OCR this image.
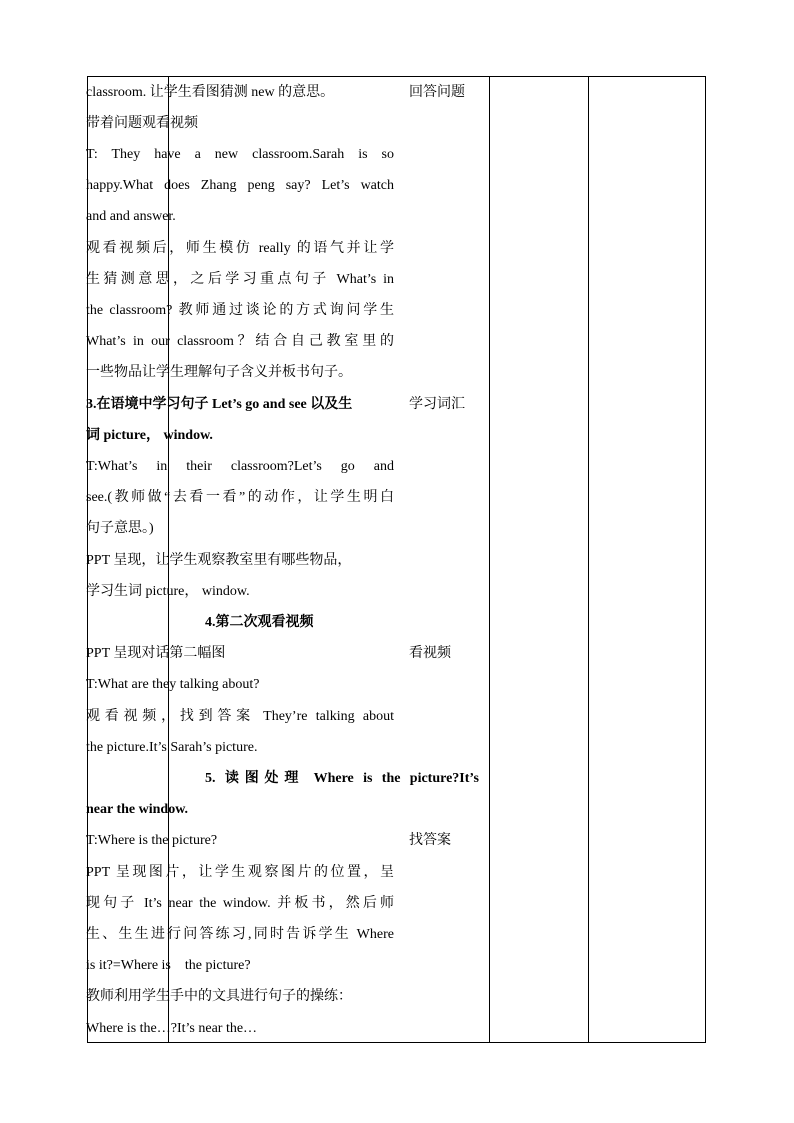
classroom. 让学生看图猜测 new 的意思。
带着问题观看视频
T: They have a new classroom.Sarah is so
happy.What does Zhang peng say? Let’s watch
and and answer.
观看视频后，师生模仿 really 的语气并让学
生猜测意思，之后学习重点句子 What’s in
the classroom? 教师通过谈论的方式询问学生
What’s in our classroom？结合自己教室里的
一些物品让学生理解句子含义并板书句子。
3.在语境中学习句子 Let’s go and see 以及生
词 picture， window.
T:What’s in their classroom?Let’s go and
see.(教师做“去看一看”的动作，让学生明白
句子意思。)
PPT 呈现，让学生观察教室里有哪些物品，
学习生词 picture， window.
4.第二次观看视频
PPT 呈现对话第二幅图
T:What are they talking about?
观看视频，找到答案 They’re talking about
the picture.It’s Sarah’s picture.
5. 读图处理 Where is the picture?It’s
near the window.
T:Where is the picture?
PPT 呈现图片，让学生观察图片的位置，呈
现句子 It’s near the window. 并板书，然后师
生、生生进行问答练习,同时告诉学生 Where
is it?=Where is　the picture?
教师利用学生手中的文具进行句子的操练：
Where is the…?It’s near the…
回答问题
学习词汇
看视频
找答案
